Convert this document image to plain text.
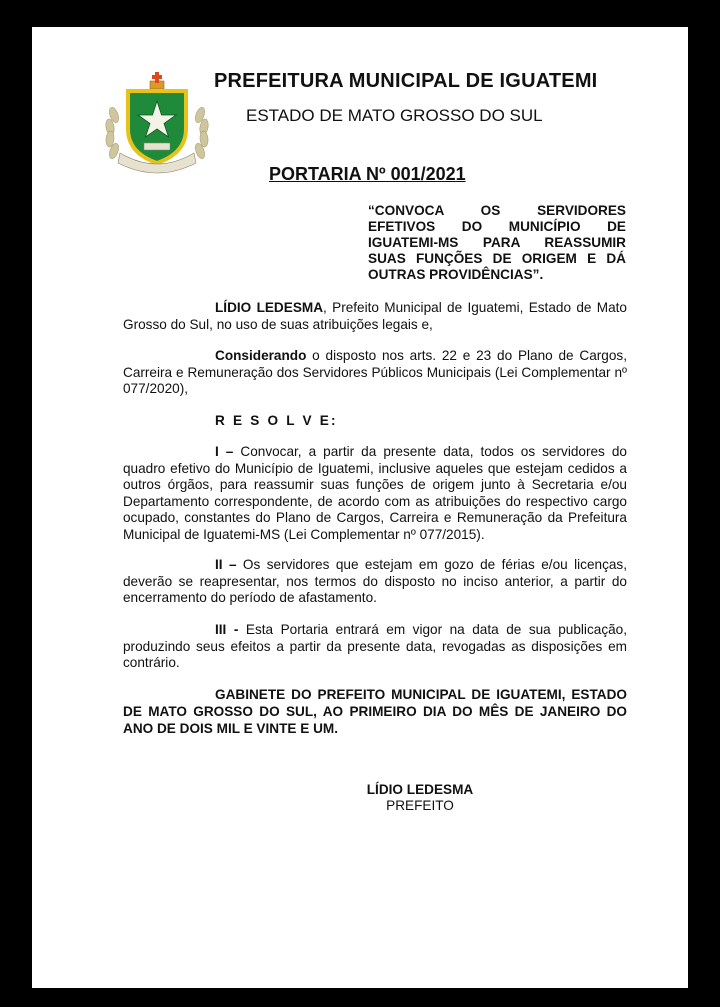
PREFEITURA MUNICIPAL DE IGUATEMI
ESTADO DE MATO GROSSO DO SUL
PORTARIA Nº 001/2021
“CONVOCA OS SERVIDORES EFETIVOS DO MUNICÍPIO DE IGUATEMI-MS PARA REASSUMIR SUAS FUNÇÕES DE ORIGEM E DÁ OUTRAS PROVIDÊNCIAS”.

LÍDIO LEDESMA, Prefeito Municipal de Iguatemi, Estado de Mato Grosso do Sul, no uso de suas atribuições legais e,

Considerando o disposto nos arts. 22 e 23 do Plano de Cargos, Carreira e Remuneração dos Servidores Públicos Municipais (Lei Complementar nº 077/2020),

R E S O L V E:

I – Convocar, a partir da presente data, todos os servidores do quadro efetivo do Município de Iguatemi, inclusive aqueles que estejam cedidos a outros órgãos, para reassumir suas funções de origem junto à Secretaria e/ou Departamento correspondente, de acordo com as atribuições do respectivo cargo ocupado, constantes do Plano de Cargos, Carreira e Remuneração da Prefeitura Municipal de Iguatemi-MS (Lei Complementar nº 077/2015).

II – Os servidores que estejam em gozo de férias e/ou licenças, deverão se reapresentar, nos termos do disposto no inciso anterior, a partir do encerramento do período de afastamento.

III - Esta Portaria entrará em vigor na data de sua publicação, produzindo seus efeitos a partir da presente data, revogadas as disposições em contrário.

GABINETE DO PREFEITO MUNICIPAL DE IGUATEMI, ESTADO DE MATO GROSSO DO SUL, AO PRIMEIRO DIA DO MÊS DE JANEIRO DO ANO DE DOIS MIL E VINTE E UM.

LÍDIO LEDESMA
PREFEITO
